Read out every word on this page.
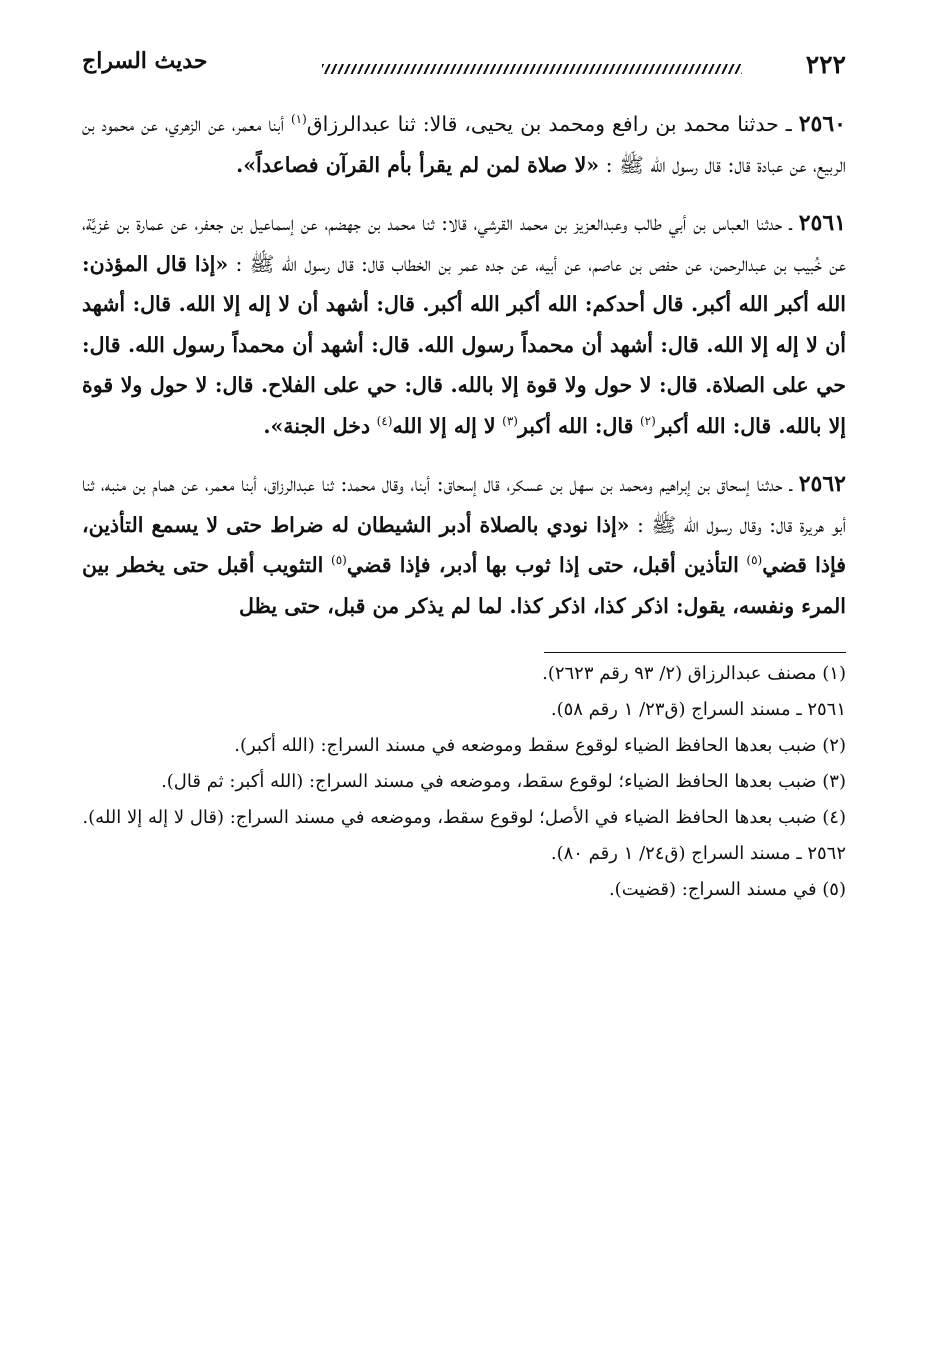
٢٢٢
حديث السراج

٢٥٦٠ ـ حدثنا محمد بن رافع ومحمد بن يحيى، قالا: ثنا عبدالرزاق$^{(١)}$ أبنا معمر، عن الزهري، عن محمود بن الربيع، عن عبادة قال: قال رسول الله ﷺ : «لا صلاة لمن لم يقرأ بأم القرآن فصاعداً».

٢٥٦١ ـ حدثنا العباس بن أبي طالب وعبدالعزيز بن محمد القرشي، قالا: ثنا محمد بن جهضم، عن إسماعيل بن جعفر، عن عمارة بن غزيَّة، عن خُبيب بن عبدالرحمن، عن حفص بن عاصم، عن أبيه، عن جده عمر بن الخطاب قال: قال رسول الله ﷺ : «إذا قال المؤذن: الله أكبر الله أكبر. قال أحدكم: الله أكبر الله أكبر. قال: أشهد أن لا إله إلا الله. قال: أشهد أن لا إله إلا الله. قال: أشهد أن محمداً رسول الله. قال: أشهد أن محمداً رسول الله. قال: حي على الصلاة. قال: لا حول ولا قوة إلا بالله. قال: حي على الفلاح. قال: لا حول ولا قوة إلا بالله. قال: الله أكبر$^{(٢)}$ قال: الله أكبر$^{(٣)}$ لا إله إلا الله$^{(٤)}$ دخل الجنة».

٢٥٦٢ ـ حدثنا إسحاق بن إبراهيم ومحمد بن سهل بن عسكر، قال إسحاق: أبنا، وقال محمد: ثنا عبدالرزاق، أبنا معمر، عن همام بن منبه، ثنا أبو هريرة قال: وقال رسول الله ﷺ : «إذا نودي بالصلاة أدبر الشيطان له ضراط حتى لا يسمع التأذين، فإذا قضي$^{(٥)}$ التأذين أقبل، حتى إذا ثوب بها أدبر، فإذا قضي$^{(٥)}$ التثويب أقبل حتى يخطر بين المرء ونفسه، يقول: اذكر كذا، اذكر كذا. لما لم يذكر من قبل، حتى يظل

(١) مصنف عبدالرزاق (٢/ ٩٣ رقم ٢٦٢٣).
٢٥٦١ ـ مسند السراج (ق٢٣/ ١ رقم ٥٨).
(٢) ضبب بعدها الحافظ الضياء لوقوع سقط وموضعه في مسند السراج: (الله أكبر).
(٣) ضبب بعدها الحافظ الضياء؛ لوقوع سقط، وموضعه في مسند السراج: (الله أكبر: ثم قال).
(٤) ضبب بعدها الحافظ الضياء في الأصل؛ لوقوع سقط، وموضعه في مسند السراج: (قال لا إله إلا الله).
٢٥٦٢ ـ مسند السراج (ق٢٤/ ١ رقم ٨٠).
(٥) في مسند السراج: (قضيت).
